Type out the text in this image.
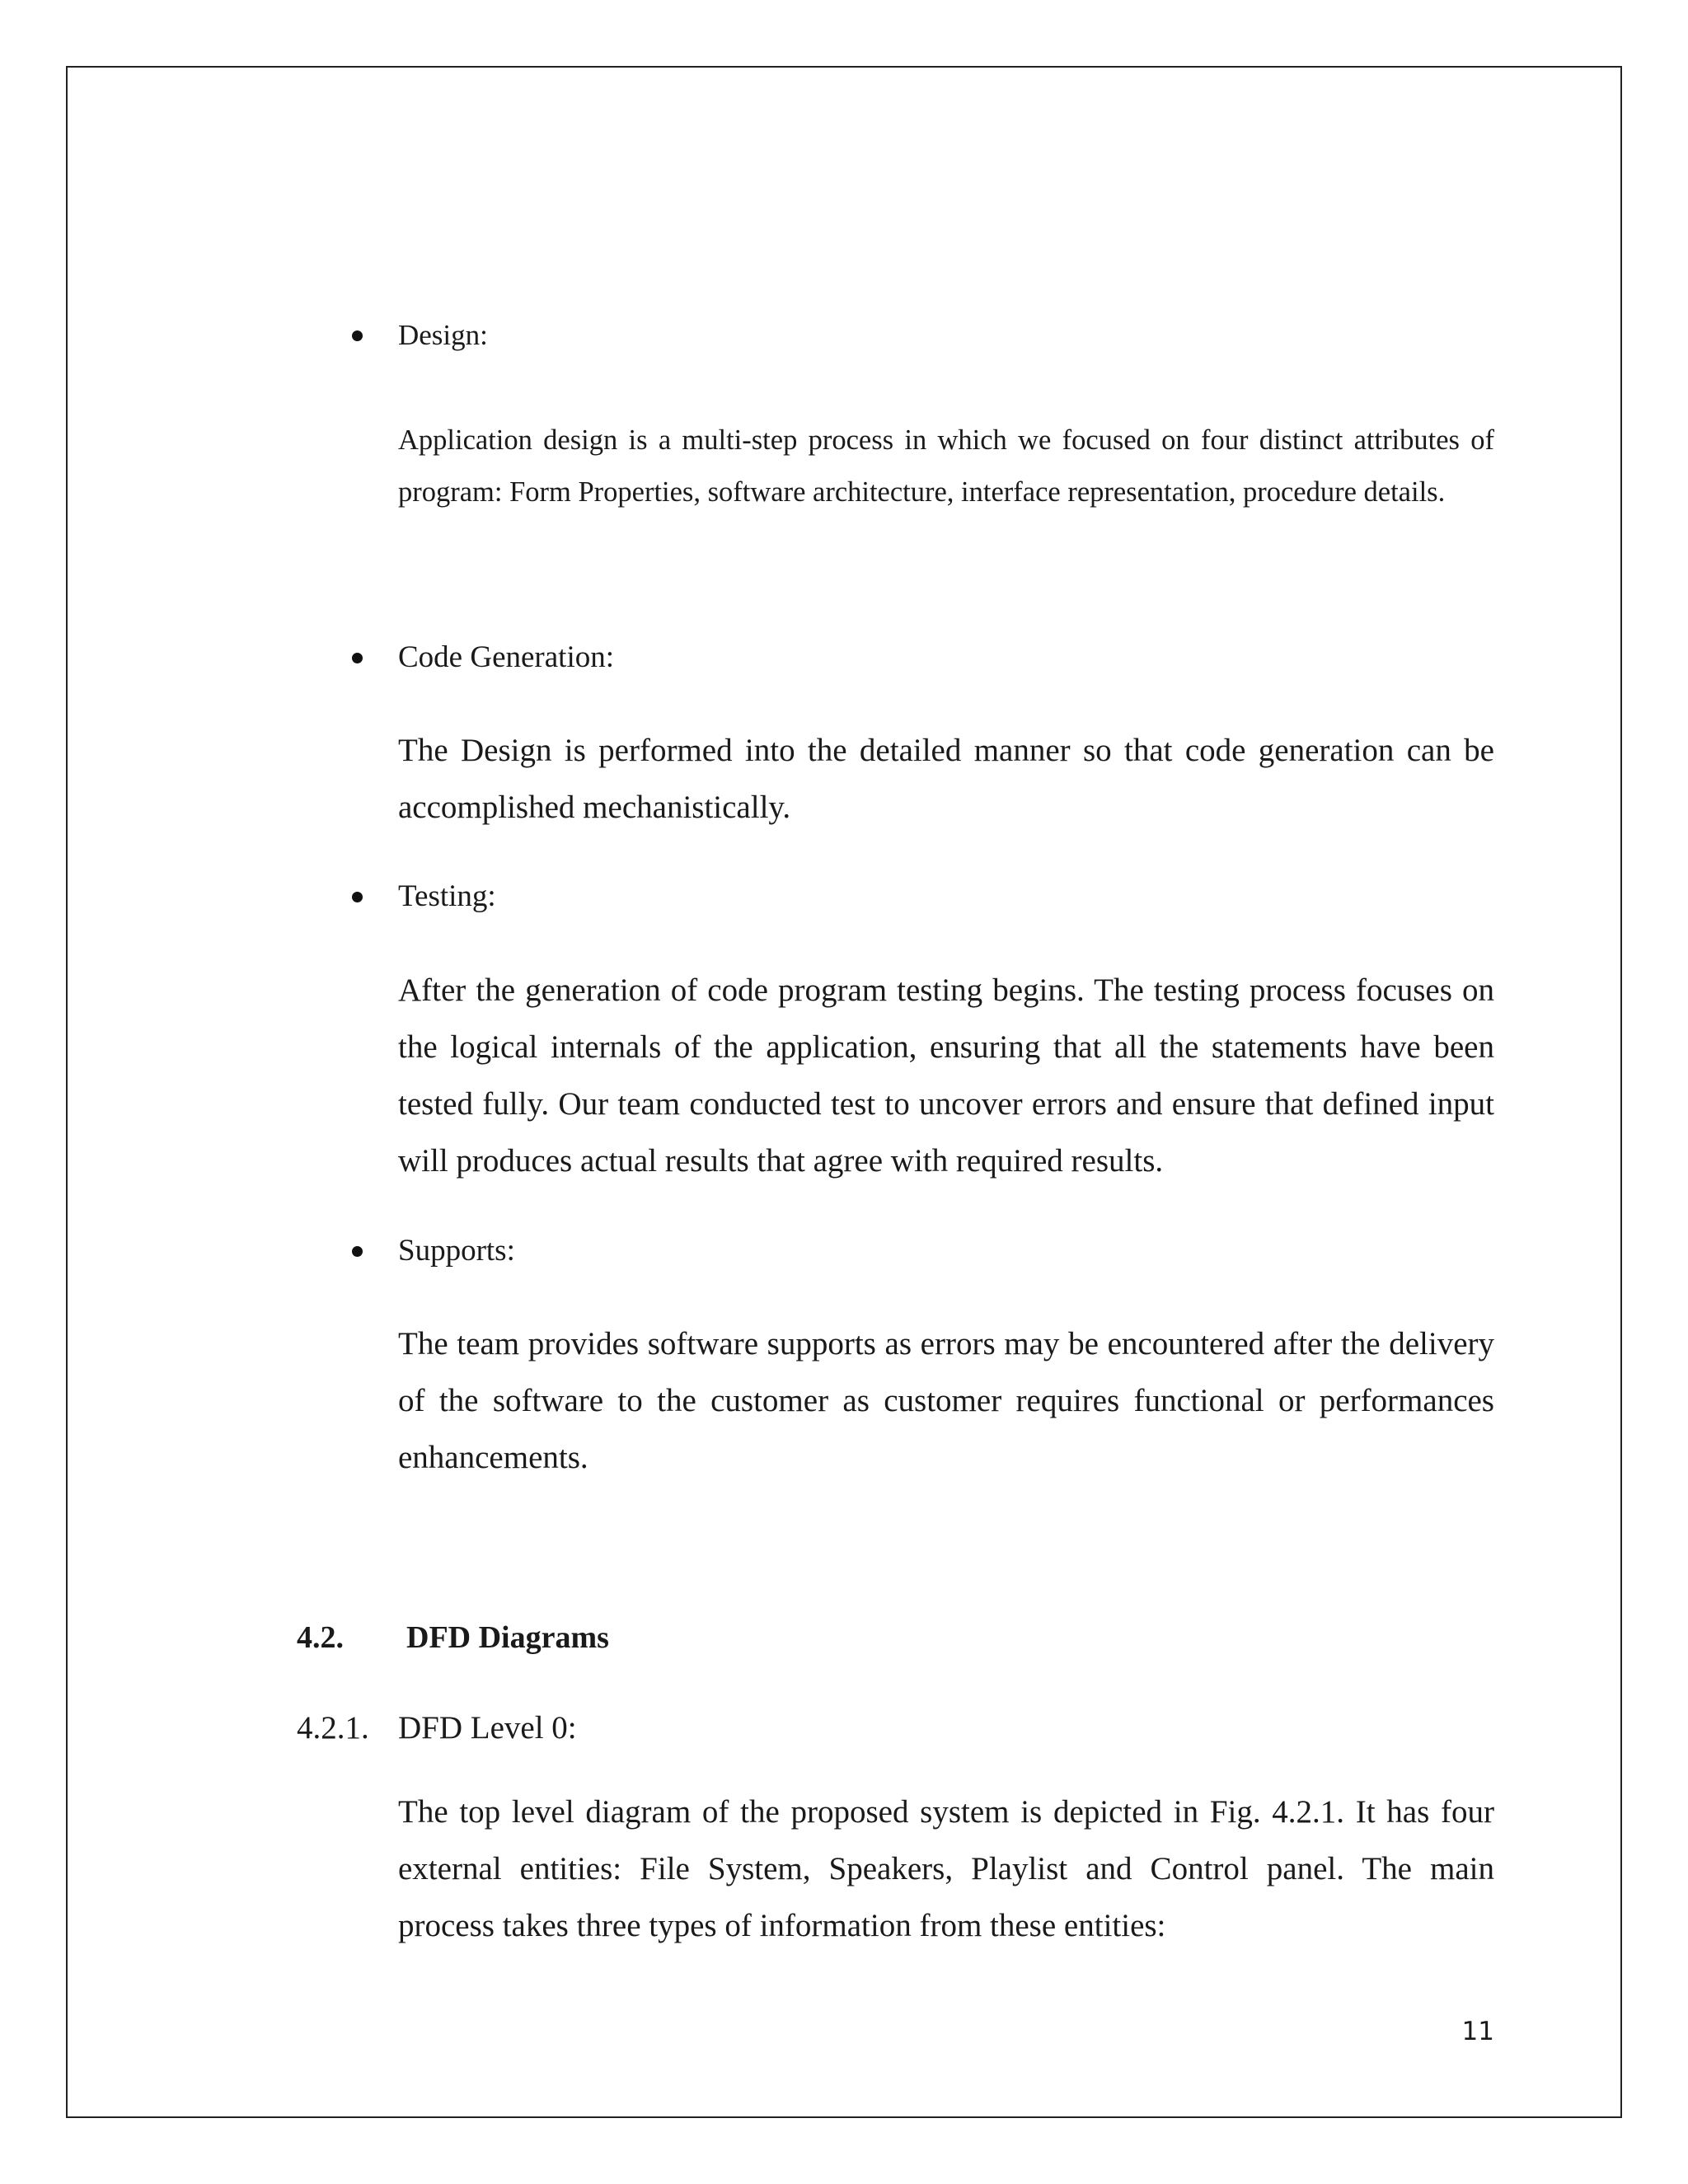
Design:
Application design is a multi-step process in which we focused on four distinct attributes of program: Form Properties, software architecture, interface representation, procedure details.
Code Generation:
The Design is performed into the detailed manner so that code generation can be accomplished mechanistically.
Testing:
After the generation of code program testing begins. The testing process focuses on the logical internals of the application, ensuring that all the statements have been tested fully. Our team conducted test to uncover errors and ensure that defined input will produces actual results that agree with required results.
Supports:
The team provides software supports as errors may be encountered after the delivery of the software to the customer as customer requires functional or performances enhancements.
4.2. DFD Diagrams
4.2.1. DFD Level 0:
The top level diagram of the proposed system is depicted in Fig. 4.2.1. It has four external entities: File System, Speakers, Playlist and Control panel. The main process takes three types of information from these entities:
11
